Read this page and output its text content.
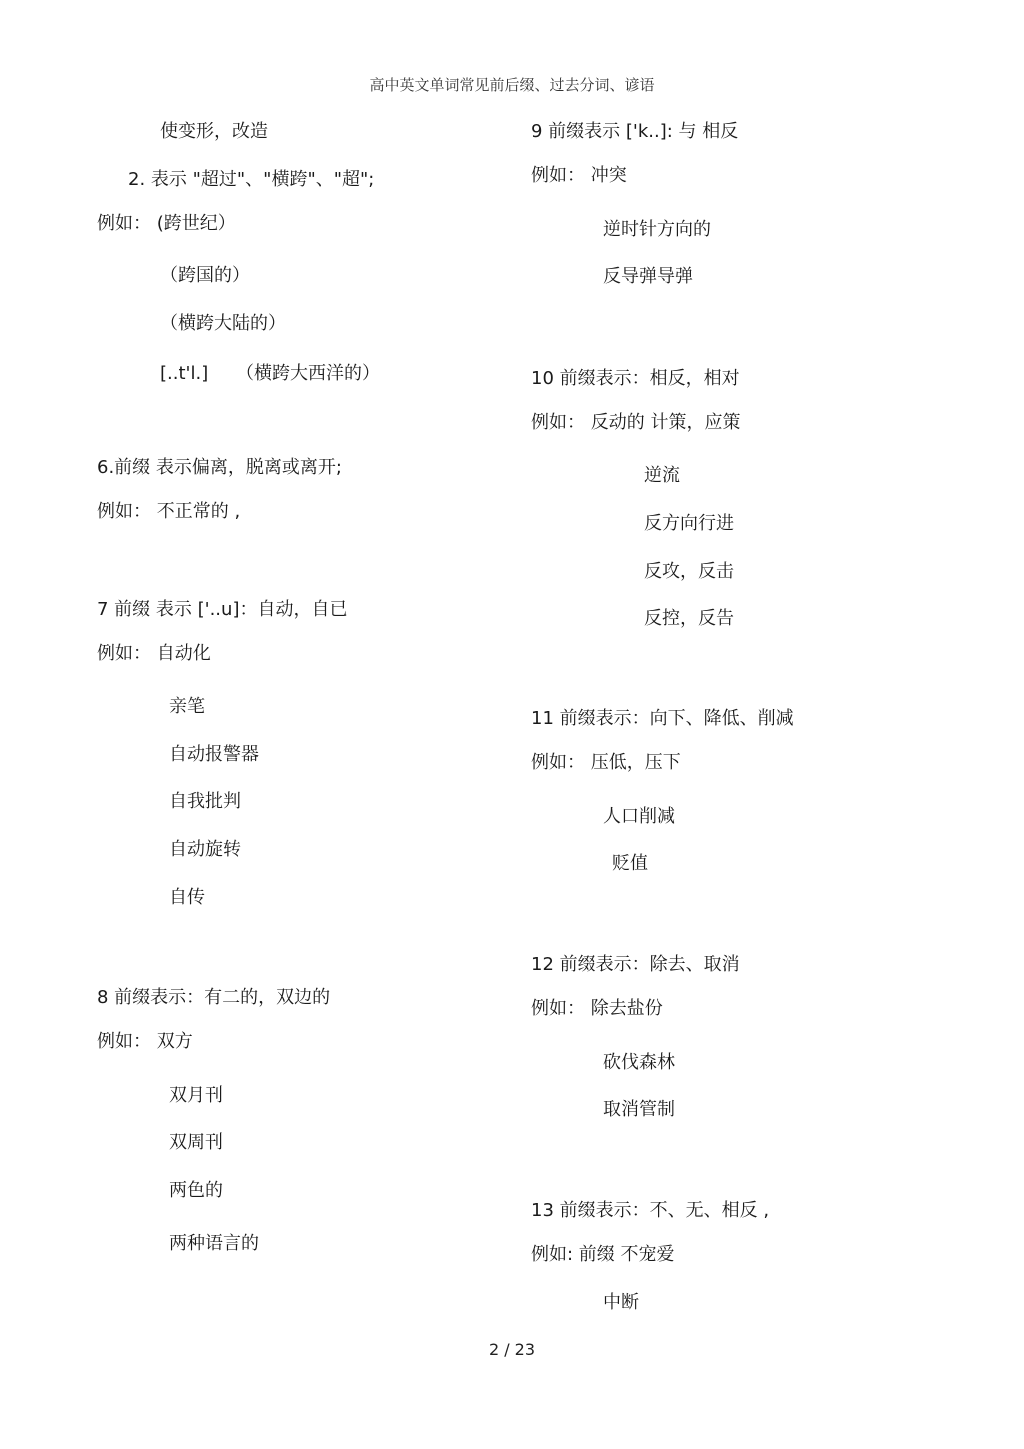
高中英文单词常见前后缀、过去分词、谚语
使变形，改造
2. 表示 "超过"、"横跨"、"超";
例如： (跨世纪）
（跨国的）
（横跨大陆的）
[..t'l.] （横跨大西洋的）
6.前缀 表示偏离，脱离或离开;
例如： 不正常的 ,
7 前缀 表示 ['..u]：自动，自已
例如： 自动化
亲笔
自动报警器
自我批判
自动旋转
自传
8 前缀表示：有二的，双边的
例如： 双方
双月刊
双周刊
两色的
两种语言的
9 前缀表示 ['k..]: 与 相反
例如： 冲突
逆时针方向的
反导弹导弹
10 前缀表示：相反，相对
例如： 反动的 计策，应策
逆流
反方向行进
反攻，反击
反控，反告
11 前缀表示：向下、降低、削减
例如： 压低，压下
人口削减
贬值
12 前缀表示：除去、取消
例如： 除去盐份
砍伐森林
取消管制
13 前缀表示：不、无、相反 ,
例如: 前缀 不宠爱
中断
2 / 23
